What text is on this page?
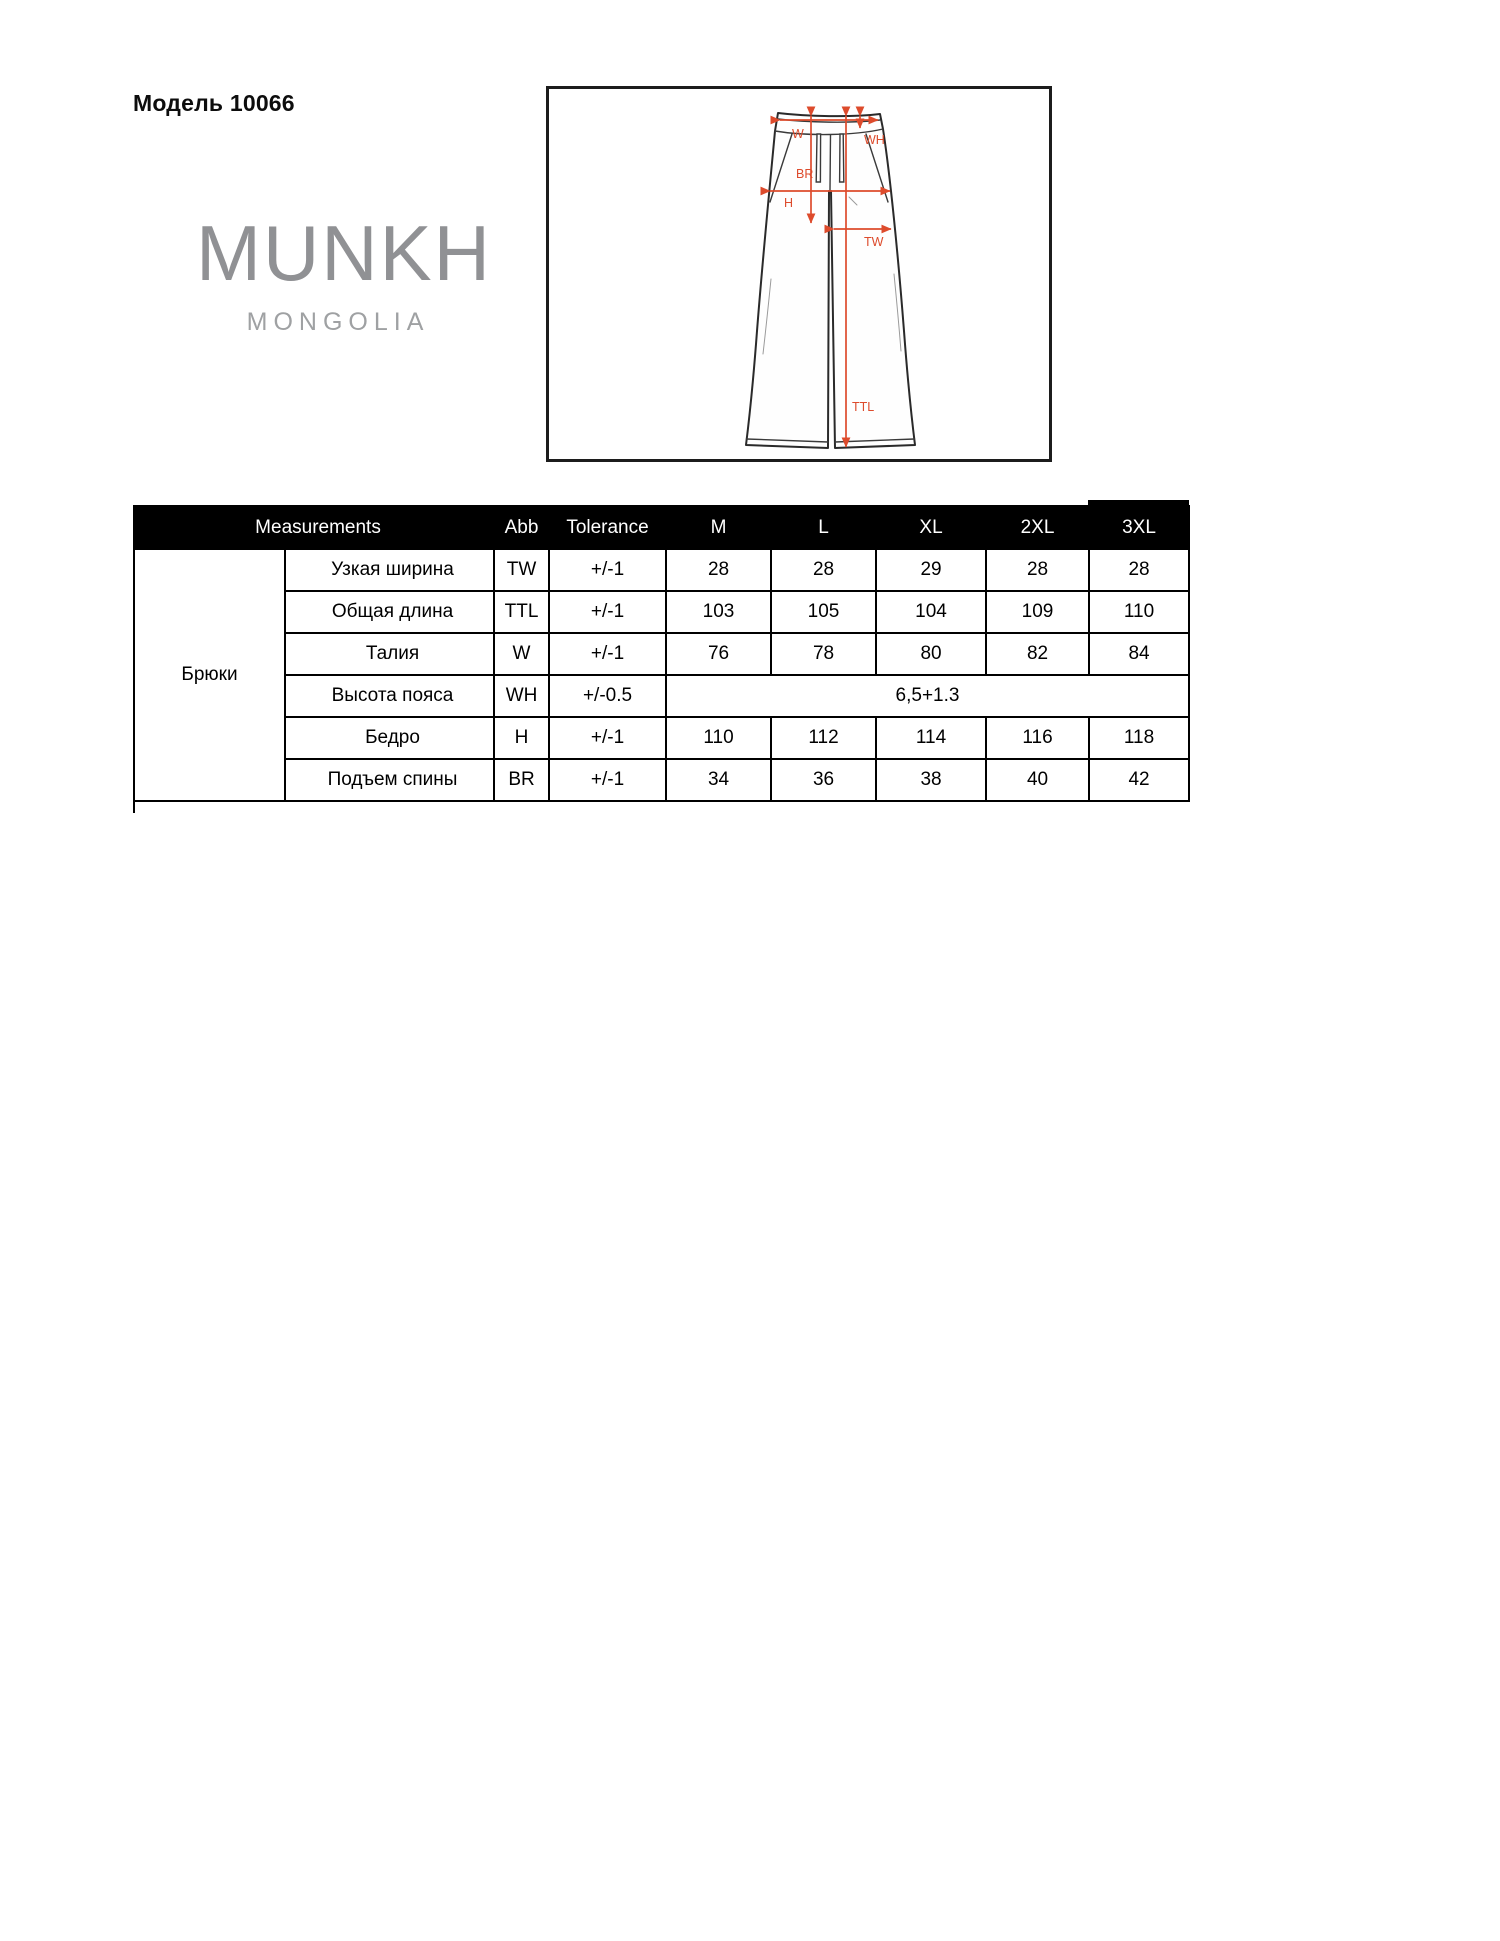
Модель 10066
MUNKH
MONGOLIA
W	WH
BR
H
TW
TTL
Measurements		Abb	Tolerance	M	L	XL	2XL	3XL
Брюки	Узкая ширина	TW	+/-1	28	28	29	28	28
	Общая длина	TTL	+/-1	103	105	104	109	110
	Талия	W	+/-1	76	78	80	82	84
	Высота пояса	WH	+/-0.5	6,5+1.3				
	Бедро	H	+/-1	110	112	114	116	118
	Подъем спины	BR	+/-1	34	36	38	40	42
